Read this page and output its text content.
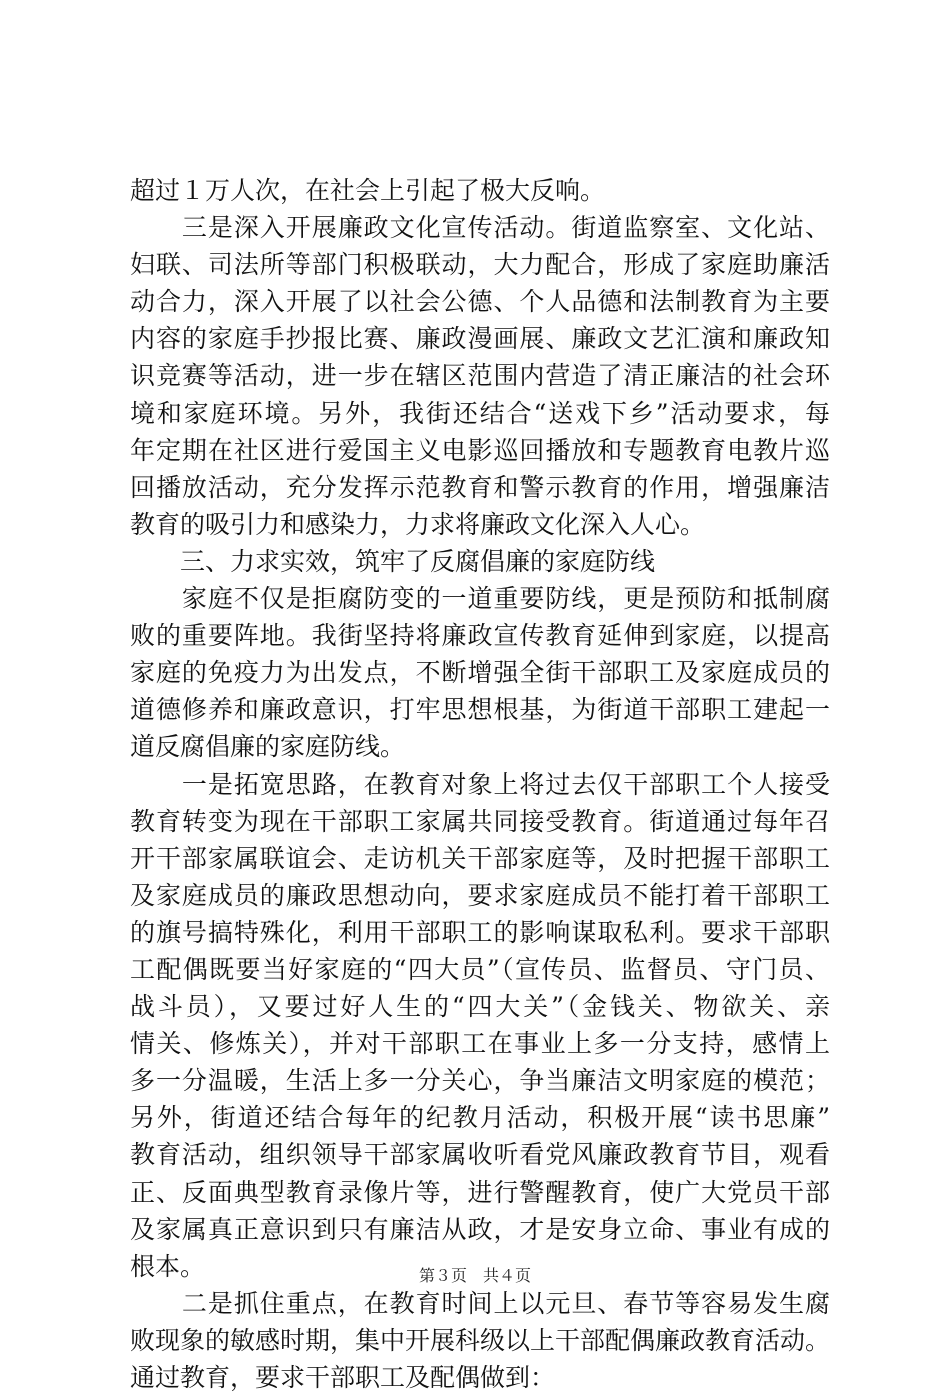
超过１万人次，在社会上引起了极大反响。
　　三是深入开展廉政文化宣传活动。街道监察室、文化站、
妇联、司法所等部门积极联动，大力配合，形成了家庭助廉活
动合力，深入开展了以社会公德、个人品德和法制教育为主要
内容的家庭手抄报比赛、廉政漫画展、廉政文艺汇演和廉政知
识竞赛等活动，进一步在辖区范围内营造了清正廉洁的社会环
境和家庭环境。另外，我街还结合“送戏下乡”活动要求，每
年定期在社区进行爱国主义电影巡回播放和专题教育电教片巡
回播放活动，充分发挥示范教育和警示教育的作用，增强廉洁
教育的吸引力和感染力，力求将廉政文化深入人心。
　　三、力求实效，筑牢了反腐倡廉的家庭防线
　　家庭不仅是拒腐防变的一道重要防线，更是预防和抵制腐
败的重要阵地。我街坚持将廉政宣传教育延伸到家庭，以提高
家庭的免疫力为出发点，不断增强全街干部职工及家庭成员的
道德修养和廉政意识，打牢思想根基，为街道干部职工建起一
道反腐倡廉的家庭防线。
　　一是拓宽思路，在教育对象上将过去仅干部职工个人接受
教育转变为现在干部职工家属共同接受教育。街道通过每年召
开干部家属联谊会、走访机关干部家庭等，及时把握干部职工
及家庭成员的廉政思想动向，要求家庭成员不能打着干部职工
的旗号搞特殊化，利用干部职工的影响谋取私利。要求干部职
工配偶既要当好家庭的“四大员”（宣传员、监督员、守门员、
战斗员），又要过好人生的“四大关”（金钱关、物欲关、亲
情关、修炼关），并对干部职工在事业上多一分支持，感情上
多一分温暖，生活上多一分关心，争当廉洁文明家庭的模范；
另外，街道还结合每年的纪教月活动，积极开展“读书思廉”
教育活动，组织领导干部家属收听看党风廉政教育节目，观看
正、反面典型教育录像片等，进行警醒教育，使广大党员干部
及家属真正意识到只有廉洁从政，才是安身立命、事业有成的
根本。
　　二是抓住重点，在教育时间上以元旦、春节等容易发生腐
败现象的敏感时期，集中开展科级以上干部配偶廉政教育活动。
通过教育，要求干部职工及配偶做到：
第３页　共４页
